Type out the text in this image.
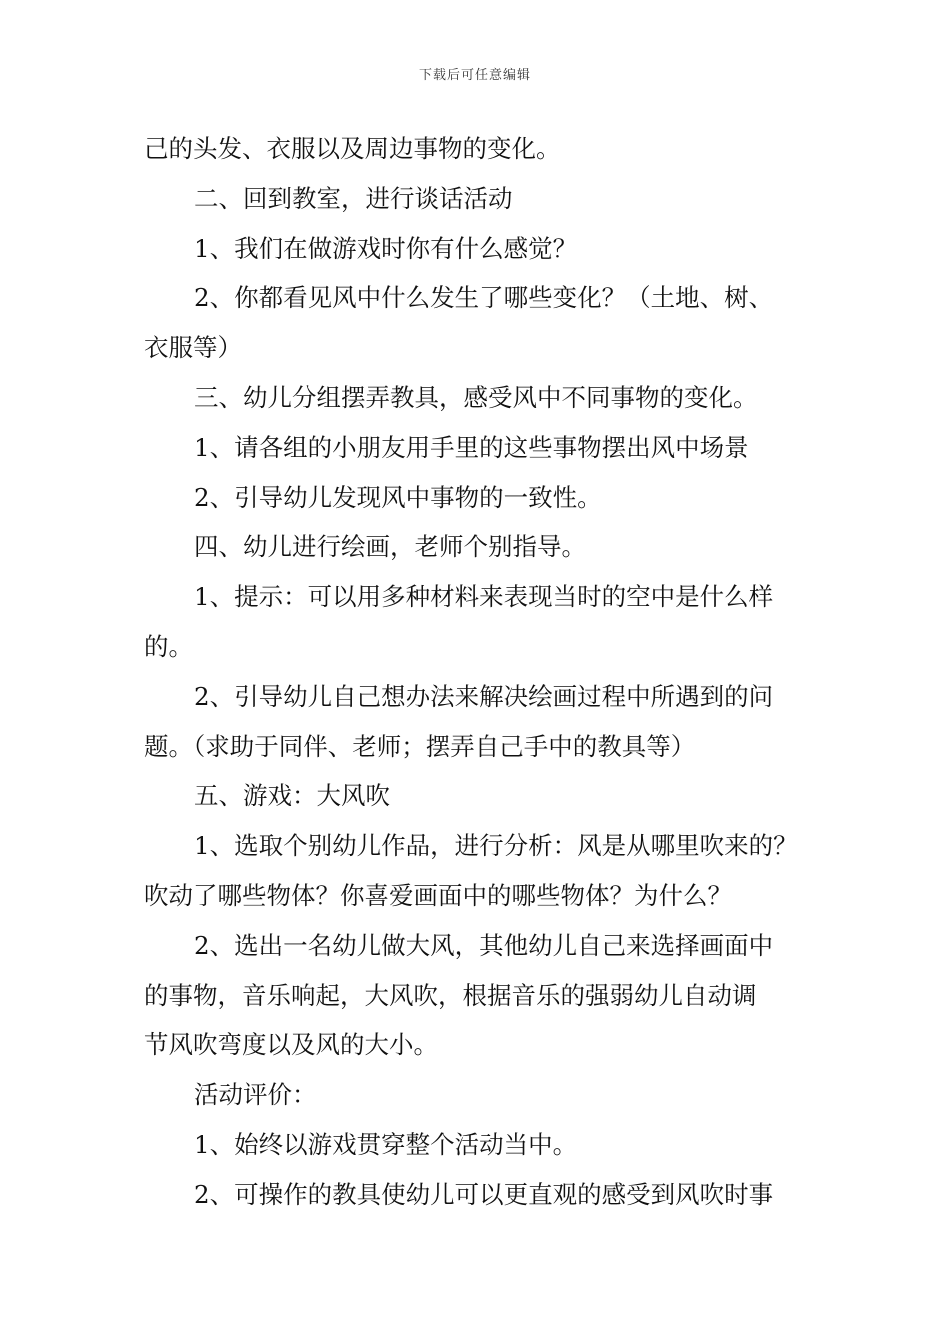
下载后可任意编辑
己的头发、衣服以及周边事物的变化。
二、回到教室，进行谈话活动
1、我们在做游戏时你有什么感觉？
2、你都看见风中什么发生了哪些变化？（土地、树、
衣服等）
三、幼儿分组摆弄教具，感受风中不同事物的变化。
1、请各组的小朋友用手里的这些事物摆出风中场景
2、引导幼儿发现风中事物的一致性。
四、幼儿进行绘画，老师个别指导。
1、提示：可以用多种材料来表现当时的空中是什么样
的。
2、引导幼儿自己想办法来解决绘画过程中所遇到的问
题。（求助于同伴、老师；摆弄自己手中的教具等）
五、游戏：大风吹
1、选取个别幼儿作品，进行分析：风是从哪里吹来的？
吹动了哪些物体？你喜爱画面中的哪些物体？为什么？
2、选出一名幼儿做大风，其他幼儿自己来选择画面中
的事物，音乐响起，大风吹，根据音乐的强弱幼儿自动调
节风吹弯度以及风的大小。
活动评价：
1、始终以游戏贯穿整个活动当中。
2、可操作的教具使幼儿可以更直观的感受到风吹时事
